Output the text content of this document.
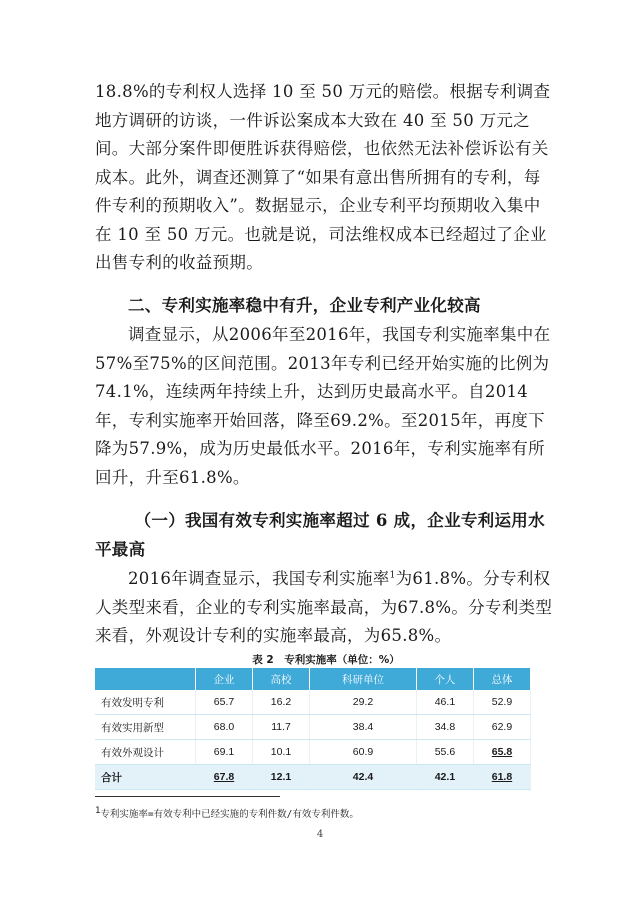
18.8%的专利权人选择 10 至 50 万元的赔偿。根据专利调查地方调研的访谈，一件诉讼案成本大致在 40 至 50 万元之间。大部分案件即便胜诉获得赔偿，也依然无法补偿诉讼有关成本。此外，调查还测算了“如果有意出售所拥有的专利，每件专利的预期收入”。数据显示，企业专利平均预期收入集中在 10 至 50 万元。也就是说，司法维权成本已经超过了企业出售专利的收益预期。

二、专利实施率稳中有升，企业专利产业化较高

调查显示，从2006年至2016年，我国专利实施率集中在57%至75%的区间范围。2013年专利已经开始实施的比例为74.1%，连续两年持续上升，达到历史最高水平。自2014年，专利实施率开始回落，降至69.2%。至2015年，再度下降为57.9%，成为历史最低水平。2016年，专利实施率有所回升，升至61.8%。

（一）我国有效专利实施率超过 6 成，企业专利运用水平最高

2016年调查显示，我国专利实施率$^1$为61.8%。分专利权人类型来看，企业的专利实施率最高，为67.8%。分专利类型来看，外观设计专利的实施率最高，为65.8%。

表 2　专利实施率（单位：%）
	企业	高校	科研单位	个人	总体
有效发明专利	65.7	16.2	29.2	46.1	52.9
有效实用新型	68.0	11.7	38.4	34.8	62.9
有效外观设计	69.1	10.1	60.9	55.6	65.8
合计	67.8	12.1	42.4	42.1	61.8
$^1$专利实施率=有效专利中已经实施的专利件数/有效专利件数。
4
